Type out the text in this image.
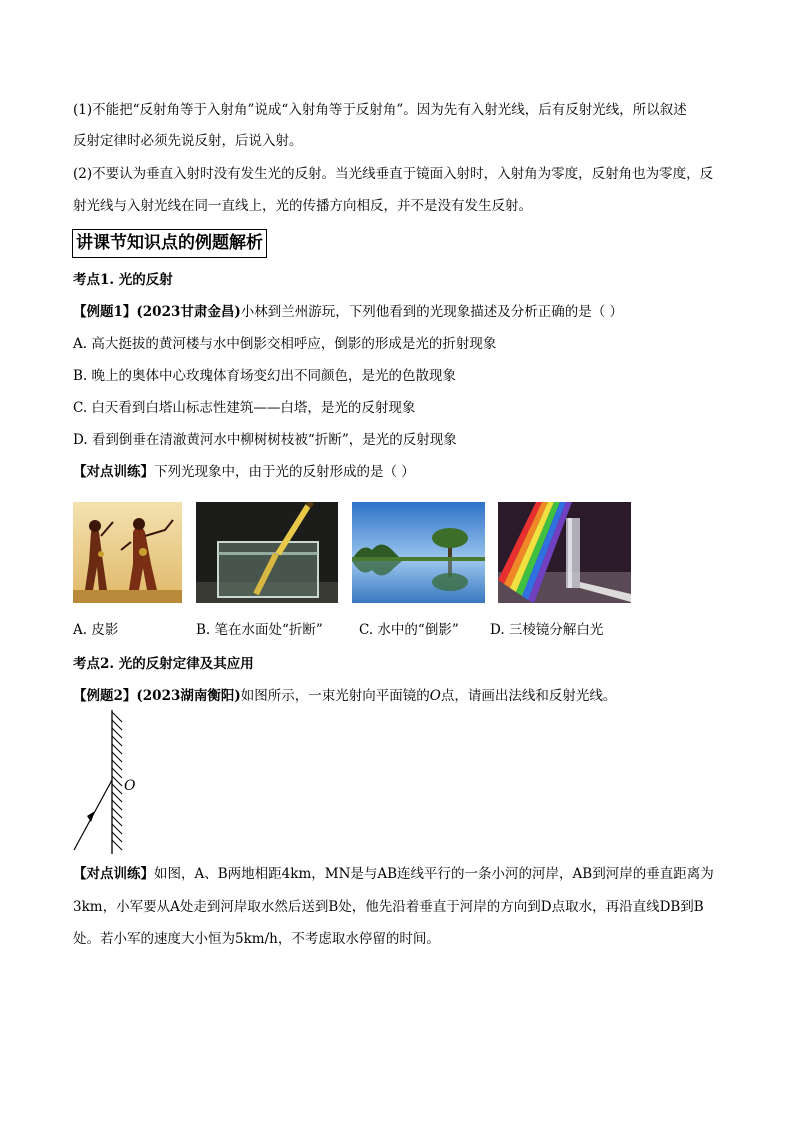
(1)不能把“反射角等于入射角”说成“入射角等于反射角”。因为先有入射光线，后有反射光线，所以叙述
反射定律时必须先说反射，后说入射。
(2)不要认为垂直入射时没有发生光的反射。当光线垂直于镜面入射时，入射角为零度，反射角也为零度，反
射光线与入射光线在同一直线上，光的传播方向相反，并不是没有发生反射。
讲课节知识点的例题解析
考点1. 光的反射
【例题1】(2023甘肃金昌)小林到兰州游玩，下列他看到的光现象描述及分析正确的是（ ）
A. 高大挺拔的黄河楼与水中倒影交相呼应，倒影的形成是光的折射现象
B. 晚上的奥体中心玫瑰体育场变幻出不同颜色，是光的色散现象
C. 白天看到白塔山标志性建筑——白塔，是光的反射现象
D. 看到倒垂在清澈黄河水中柳树树枝被“折断”，是光的反射现象
【对点训练】下列光现象中，由于光的反射形成的是（ ）
A. 皮影	B. 笔在水面处“折断”	C. 水中的“倒影” D. 三棱镜分解白光
考点2. 光的反射定律及其应用
【例题2】(2023湖南衡阳)如图所示，一束光射向平面镜的O点，请画出法线和反射光线。
O
【对点训练】如图，A、B两地相距4km，MN是与AB连线平行的一条小河的河岸，AB到河岸的垂直距离为
3km，小军要从A处走到河岸取水然后送到B处，他先沿着垂直于河岸的方向到D点取水，再沿直线DB到B
处。若小军的速度大小恒为5km/h，不考虑取水停留的时间。
